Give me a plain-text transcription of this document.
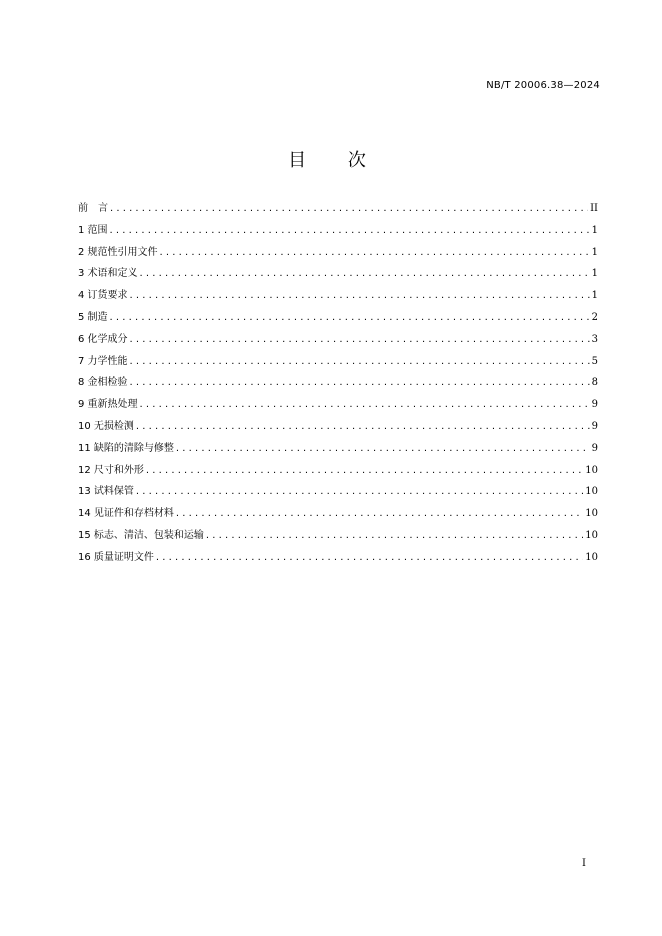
NB/T 20006.38—2024
目 次
前　言 . . .	II
1 范围 . . .	1
2 规范性引用文件 . . .	1
3 术语和定义 . . .	1
4 订货要求 . . .	1
5 制造 . . .	2
6 化学成分 . . .	3
7 力学性能 . . .	5
8 金相检验 . . .	8
9 重新热处理 . . .	9
10 无损检测 . . .	9
11 缺陷的清除与修整 . . .	9
12 尺寸和外形 . . .	10
13 试料保管 . . .	10
14 见证件和存档材料 . . .	10
15 标志、清洁、包装和运输 . . .	10
16 质量证明文件 . . .	10
I
